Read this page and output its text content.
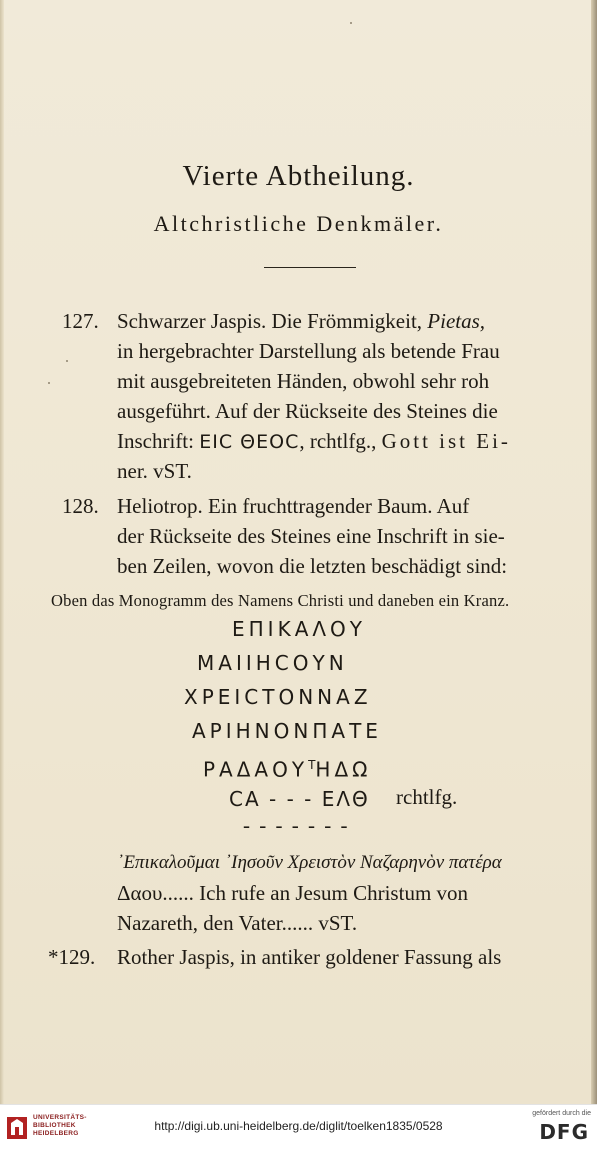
Vierte Abtheilung.
Altchristliche Denkmäler.
127. Schwarzer Jaspis. Die Frömmigkeit, Pietas,
in hergebrachter Darstellung als betende Frau
mit ausgebreiteten Händen, obwohl sehr roh
ausgeführt. Auf der Rückseite des Steines die
Inschrift: EIC ΘEOC, rchtlfg., Gott ist Ei-
ner. vST.
128. Heliotrop. Ein fruchttragender Baum. Auf
der Rückseite des Steines eine Inschrift in sie-
ben Zeilen, wovon die letzten beschädigt sind:
Oben das Monogramm des Namens Christi und daneben ein Kranz.
ΕΠΙΚΑΛΟΥ
ΜΑΙΙΗCΟΥΝ
ΧΡΕΙCΤΟΝΝΑΖ
ΑΡΙΗΝΟΝΠΑΤΕ
$PA\Delta AO\Upsilon^TH\Delta\Omega$
CA - - - ΕΛΘ rchtlfg.
- - - - - - -
᾿Επικαλοῦμαι ᾿Ιησοῦν Χρειστὸν Ναζαρηνὸν πατέρα
Δαου...... Ich rufe an Jesum Christum von
Nazareth, den Vater...... vST.
*129. Rother Jaspis, in antiker goldener Fassung als
UNIVERSITÄTS-
BIBLIOTHEK
HEIDELBERG
http://digi.ub.uni-heidelberg.de/diglit/toelken1835/0528
gefördert durch die
DFG
